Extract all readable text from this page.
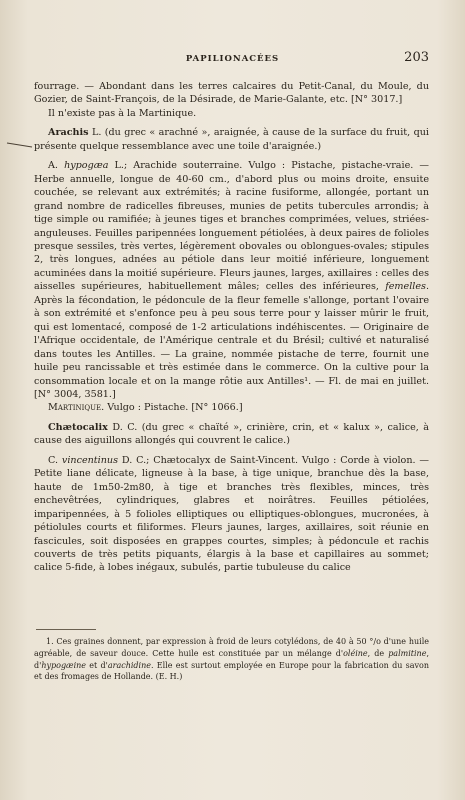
PAPILIONACÉES	203

fourrage. — Abondant dans les terres calcaires du Petit-Canal, du Moule, du Gozier, de Saint-François, de la Désirade, de Marie-Galante, etc. [N° 3017.]

Il n'existe pas à la Martinique.

Arachis L. (du grec « arachné », araignée, à cause de la surface du fruit, qui présente quelque ressemblance avec une toile d'araignée.)

A. hypogæa L.; Arachide souterraine. Vulgo : Pistache, pistache-vraie. — Herbe annuelle, longue de 40-60 cm., d'abord plus ou moins droite, ensuite couchée, se relevant aux extrémités; à racine fusiforme, allongée, portant un grand nombre de radicelles fibreuses, munies de petits tubercules arrondis; à tige simple ou ramifiée; à jeunes tiges et branches comprimées, velues, striées-anguleuses. Feuilles paripennées longuement pétiolées, à deux paires de folioles presque sessiles, très vertes, légèrement obovales ou oblongues-ovales; stipules 2, très longues, adnées au pétiole dans leur moitié inférieure, longuement acuminées dans la moitié supérieure. Fleurs jaunes, larges, axillaires : celles des aisselles supérieures, habituellement mâles; celles des inférieures, femelles. Après la fécondation, le pédoncule de la fleur femelle s'allonge, portant l'ovaire à son extrémité et s'enfonce peu à peu sous terre pour y laisser mûrir le fruit, qui est lomentacé, composé de 1-2 articulations indéhiscentes. — Originaire de l'Afrique occidentale, de l'Amérique centrale et du Brésil; cultivé et naturalisé dans toutes les Antilles. — La graine, nommée pistache de terre, fournit une huile peu rancissable et très estimée dans le commerce. On la cultive pour la consommation locale et on la mange rôtie aux Antilles¹. — Fl. de mai en juillet. [N° 3004, 3581.]

Martinique. Vulgo : Pistache. [N° 1066.]

Chætocalix D. C. (du grec « chaïté », crinière, crin, et « kalux », calice, à cause des aiguillons allongés qui couvrent le calice.)

C. vincentinus D. C.; Chætocalyx de Saint-Vincent. Vulgo : Corde à violon. — Petite liane délicate, ligneuse à la base, à tige unique, branchue dès la base, haute de 1m50-2m80, à tige et branches très flexibles, minces, très enchevêtrées, cylindriques, glabres et noirâtres. Feuilles pétiolées, imparipennées, à 5 folioles elliptiques ou elliptiques-oblongues, mucronées, à pétiolules courts et filiformes. Fleurs jaunes, larges, axillaires, soit réunie en fascicules, soit disposées en grappes courtes, simples; à pédoncule et rachis couverts de très petits piquants, élargis à la base et capillaires au sommet; calice 5-fide, à lobes inégaux, subulés, partie tubuleuse du calice

1. Ces graines donnent, par expression à froid de leurs cotylédons, de 40 à 50 °/o d'une huile agréable, de saveur douce. Cette huile est constituée par un mélange d'oléine, de palmitine, d'hypogæine et d'arachidine. Elle est surtout employée en Europe pour la fabrication du savon et des fromages de Hollande. (E. H.)
